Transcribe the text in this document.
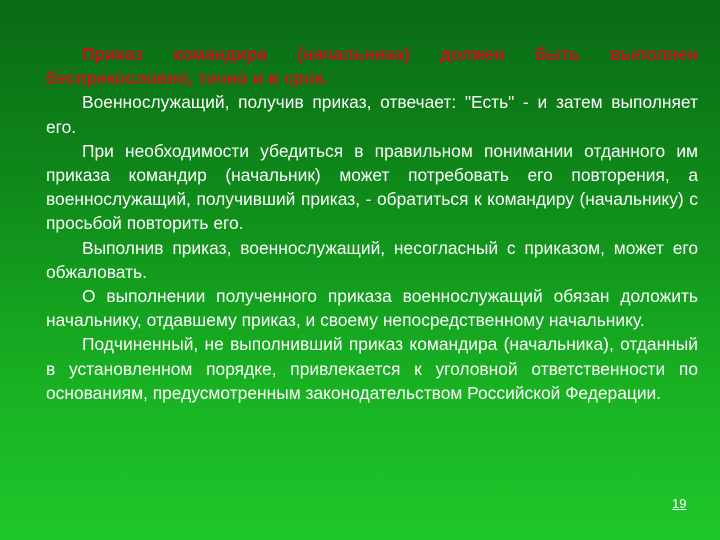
Приказ командира (начальника) должен быть выполнен беспрекословно, точно и в срок.

Военнослужащий, получив приказ, отвечает: "Есть" - и затем выполняет его.

При необходимости убедиться в правильном понимании отданного им приказа командир (начальник) может потребовать его повторения, а военнослужащий, получивший приказ, - обратиться к командиру (начальнику) с просьбой повторить его.

Выполнив приказ, военнослужащий, несогласный с приказом, может его обжаловать.

О выполнении полученного приказа военнослужащий обязан доложить начальнику, отдавшему приказ, и своему непосредственному начальнику.

Подчиненный, не выполнивший приказ командира (начальника), отданный в установленном порядке, привлекается к уголовной ответственности по основаниям, предусмотренным законодательством Российской Федерации.

19
